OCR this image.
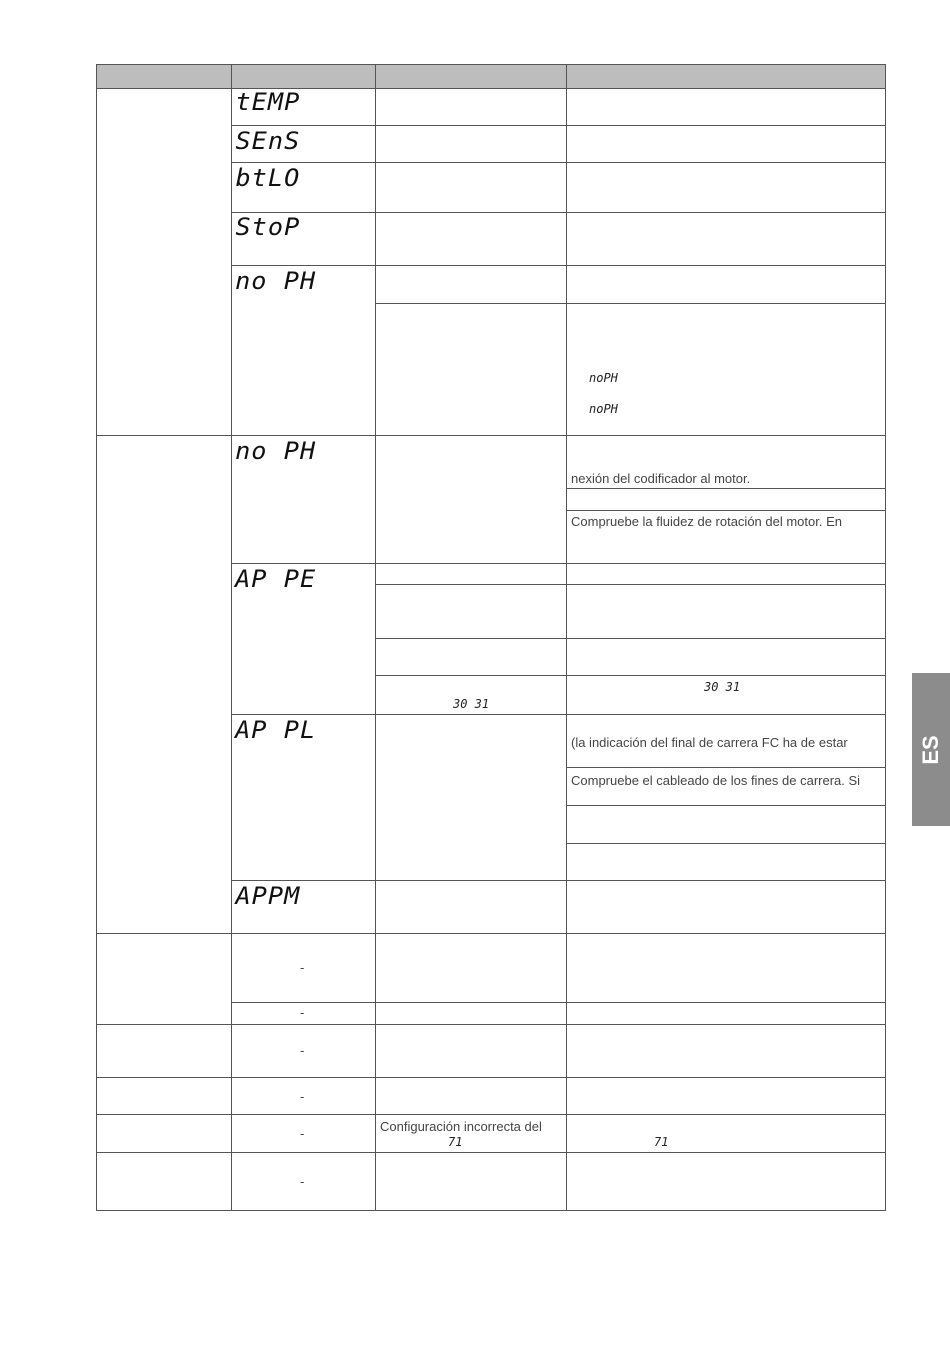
tEMP
SEnS
btLO
StoP
no PH
no PH
AP PE
AP PL
APPM
noPH
noPH
30 31
30 31
71	71
nexión del codificador al motor.
Compruebe la fluidez de rotación del motor. En
(la indicación del final de carrera FC ha de estar
Compruebe el cableado de los fines de carrera. Si
Configuración incorrecta del
-
-
-
-
-
-
ES
